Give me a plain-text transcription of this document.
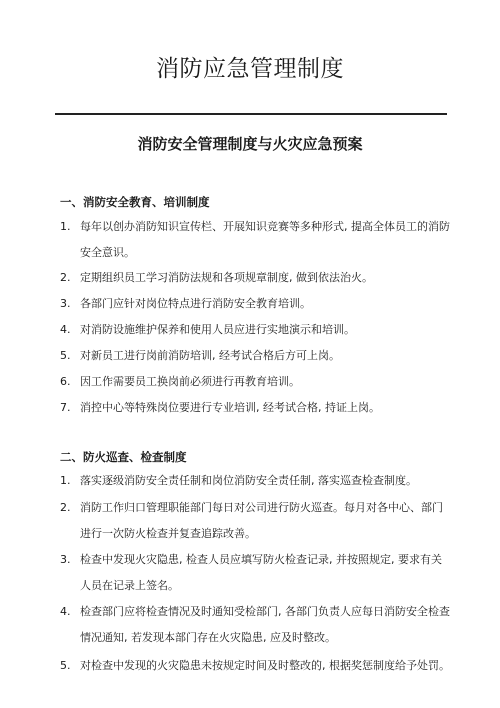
消防应急管理制度
消防安全管理制度与火灾应急预案
一、消防安全教育、培训制度
1. 每年以创办消防知识宣传栏、开展知识竞赛等多种形式, 提高全体员工的消防安全意识。
2. 定期组织员工学习消防法规和各项规章制度, 做到依法治火。
3. 各部门应针对岗位特点进行消防安全教育培训。
4. 对消防设施维护保养和使用人员应进行实地演示和培训。
5. 对新员工进行岗前消防培训, 经考试合格后方可上岗。
6. 因工作需要员工换岗前必须进行再教育培训。
7. 消控中心等特殊岗位要进行专业培训, 经考试合格, 持证上岗。
二、防火巡查、检查制度
1. 落实逐级消防安全责任制和岗位消防安全责任制, 落实巡查检查制度。
2. 消防工作归口管理职能部门每日对公司进行防火巡查。每月对各中心、部门进行一次防火检查并复查追踪改善。
3. 检查中发现火灾隐患, 检查人员应填写防火检查记录, 并按照规定, 要求有关人员在记录上签名。
4. 检查部门应将检查情况及时通知受检部门, 各部门负责人应每日消防安全检查情况通知, 若发现本部门存在火灾隐患, 应及时整改。
5. 对检查中发现的火灾隐患未按规定时间及时整改的, 根据奖惩制度给予处罚。
